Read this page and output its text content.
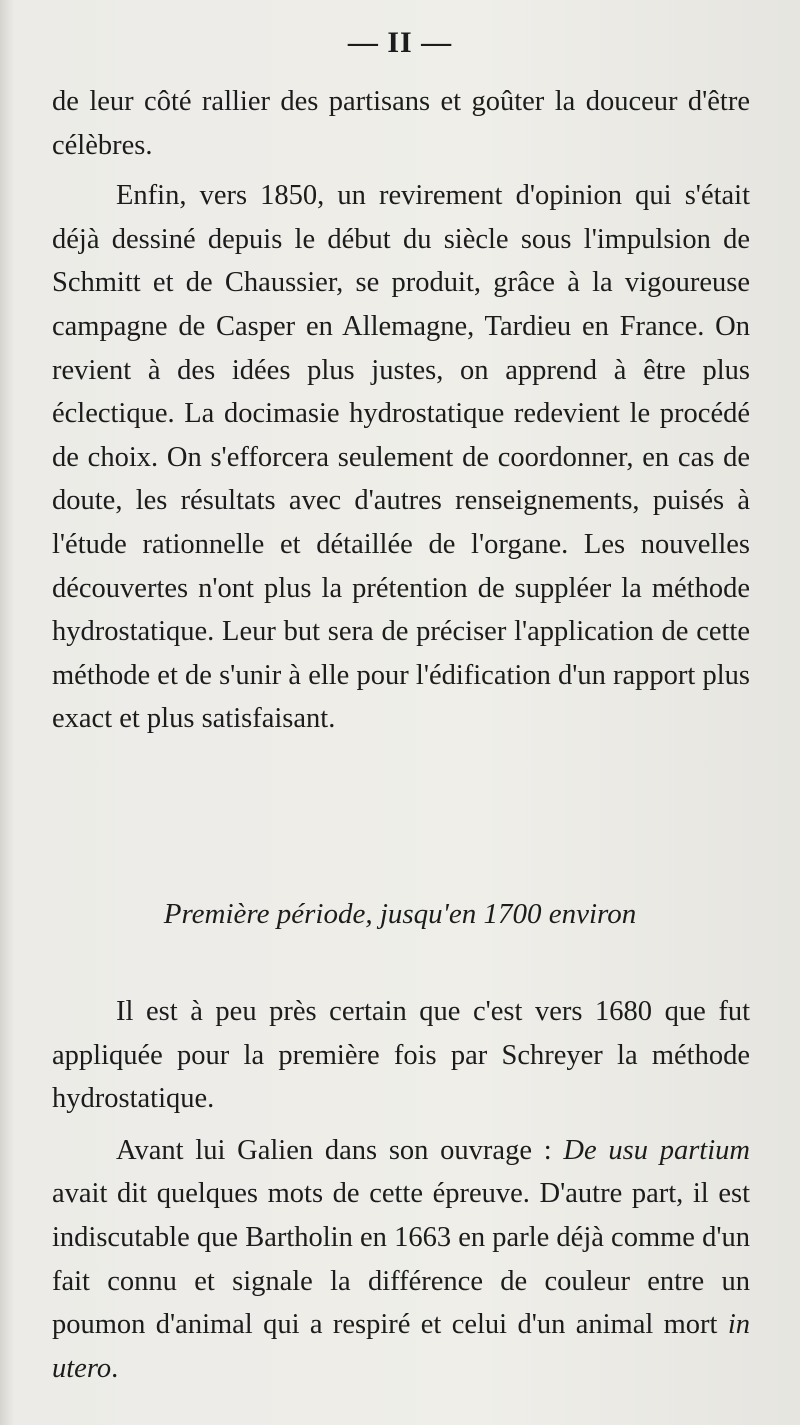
— II —

de leur côté rallier des partisans et goûter la douceur d'être célèbres.

Enfin, vers 1850, un revirement d'opinion qui s'était déjà dessiné depuis le début du siècle sous l'impulsion de Schmitt et de Chaussier, se produit, grâce à la vigoureuse campagne de Casper en Allemagne, Tardieu en France. On revient à des idées plus justes, on apprend à être plus éclectique. La docimasie hydrostatique redevient le procédé de choix. On s'efforcera seulement de coordonner, en cas de doute, les résultats avec d'autres renseignements, puisés à l'étude rationnelle et détaillée de l'organe. Les nouvelles découvertes n'ont plus la prétention de suppléer la méthode hydrostatique. Leur but sera de préciser l'application de cette méthode et de s'unir à elle pour l'édification d'un rapport plus exact et plus satisfaisant.

Première période, jusqu'en 1700 environ

Il est à peu près certain que c'est vers 1680 que fut appliquée pour la première fois par Schreyer la méthode hydrostatique.

Avant lui Galien dans son ouvrage : De usu partium avait dit quelques mots de cette épreuve. D'autre part, il est indiscutable que Bartholin en 1663 en parle déjà comme d'un fait connu et signale la différence de couleur entre un poumon d'animal qui a respiré et celui d'un animal mort in utero.
